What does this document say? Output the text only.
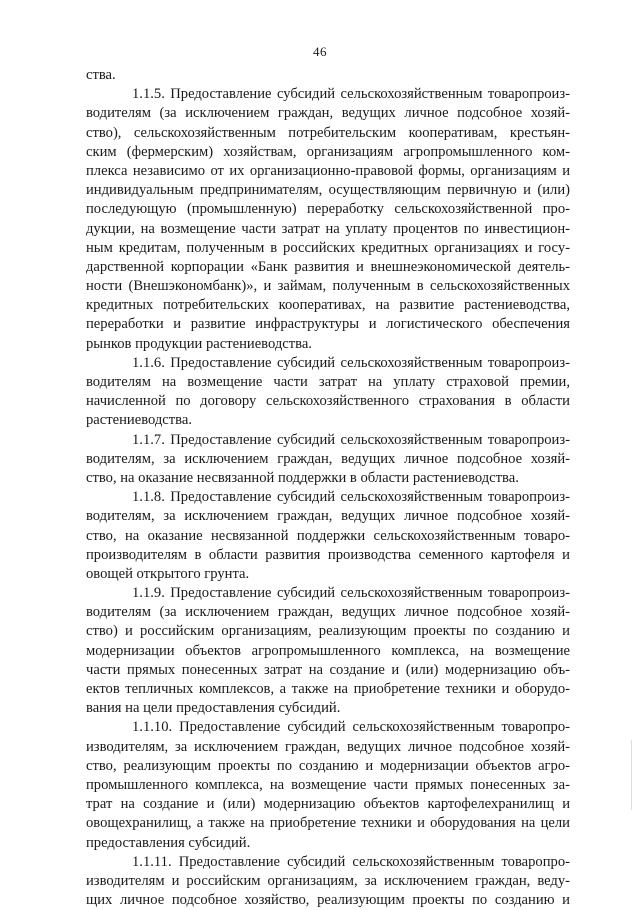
46
ства.
1.1.5. Предоставление субсидий сельскохозяйственным товаропроиз-
водителям (за исключением граждан, ведущих личное подсобное хозяй-
ство), сельскохозяйственным потребительским кооперативам, крестьян-
ским (фермерским) хозяйствам, организациям агропромышленного ком-
плекса независимо от их организационно-правовой формы, организациям и
индивидуальным предпринимателям, осуществляющим первичную и (или)
последующую (промышленную) переработку сельскохозяйственной про-
дукции, на возмещение части затрат на уплату процентов по инвестицион-
ным кредитам, полученным в российских кредитных организациях и госу-
дарственной корпорации «Банк развития и внешнеэкономической деятель-
ности (Внешэкономбанк)», и займам, полученным в сельскохозяйственных
кредитных потребительских кооперативах, на развитие растениеводства,
переработки и развитие инфраструктуры и логистического обеспечения
рынков продукции растениеводства.
1.1.6. Предоставление субсидий сельскохозяйственным товаропроиз-
водителям на возмещение части затрат на уплату страховой премии,
начисленной по договору сельскохозяйственного страхования в области
растениеводства.
1.1.7. Предоставление субсидий сельскохозяйственным товаропроиз-
водителям, за исключением граждан, ведущих личное подсобное хозяй-
ство, на оказание несвязанной поддержки в области растениеводства.
1.1.8. Предоставление субсидий сельскохозяйственным товаропроиз-
водителям, за исключением граждан, ведущих личное подсобное хозяй-
ство, на оказание несвязанной поддержки сельскохозяйственным товаро-
производителям в области развития производства семенного картофеля и
овощей открытого грунта.
1.1.9. Предоставление субсидий сельскохозяйственным товаропроиз-
водителям (за исключением граждан, ведущих личное подсобное хозяй-
ство) и российским организациям, реализующим проекты по созданию и
модернизации объектов агропромышленного комплекса, на возмещение
части прямых понесенных затрат на создание и (или) модернизацию объ-
ектов тепличных комплексов, а также на приобретение техники и оборудо-
вания на цели предоставления субсидий.
1.1.10. Предоставление субсидий сельскохозяйственным товаропро-
изводителям, за исключением граждан, ведущих личное подсобное хозяй-
ство, реализующим проекты по созданию и модернизации объектов агро-
промышленного комплекса, на возмещение части прямых понесенных за-
трат на создание и (или) модернизацию объектов картофелехранилищ и
овощехранилищ, а также на приобретение техники и оборудования на цели
предоставления субсидий.
1.1.11. Предоставление субсидий сельскохозяйственным товаропро-
изводителям и российским организациям, за исключением граждан, веду-
щих личное подсобное хозяйство, реализующим проекты по созданию и
